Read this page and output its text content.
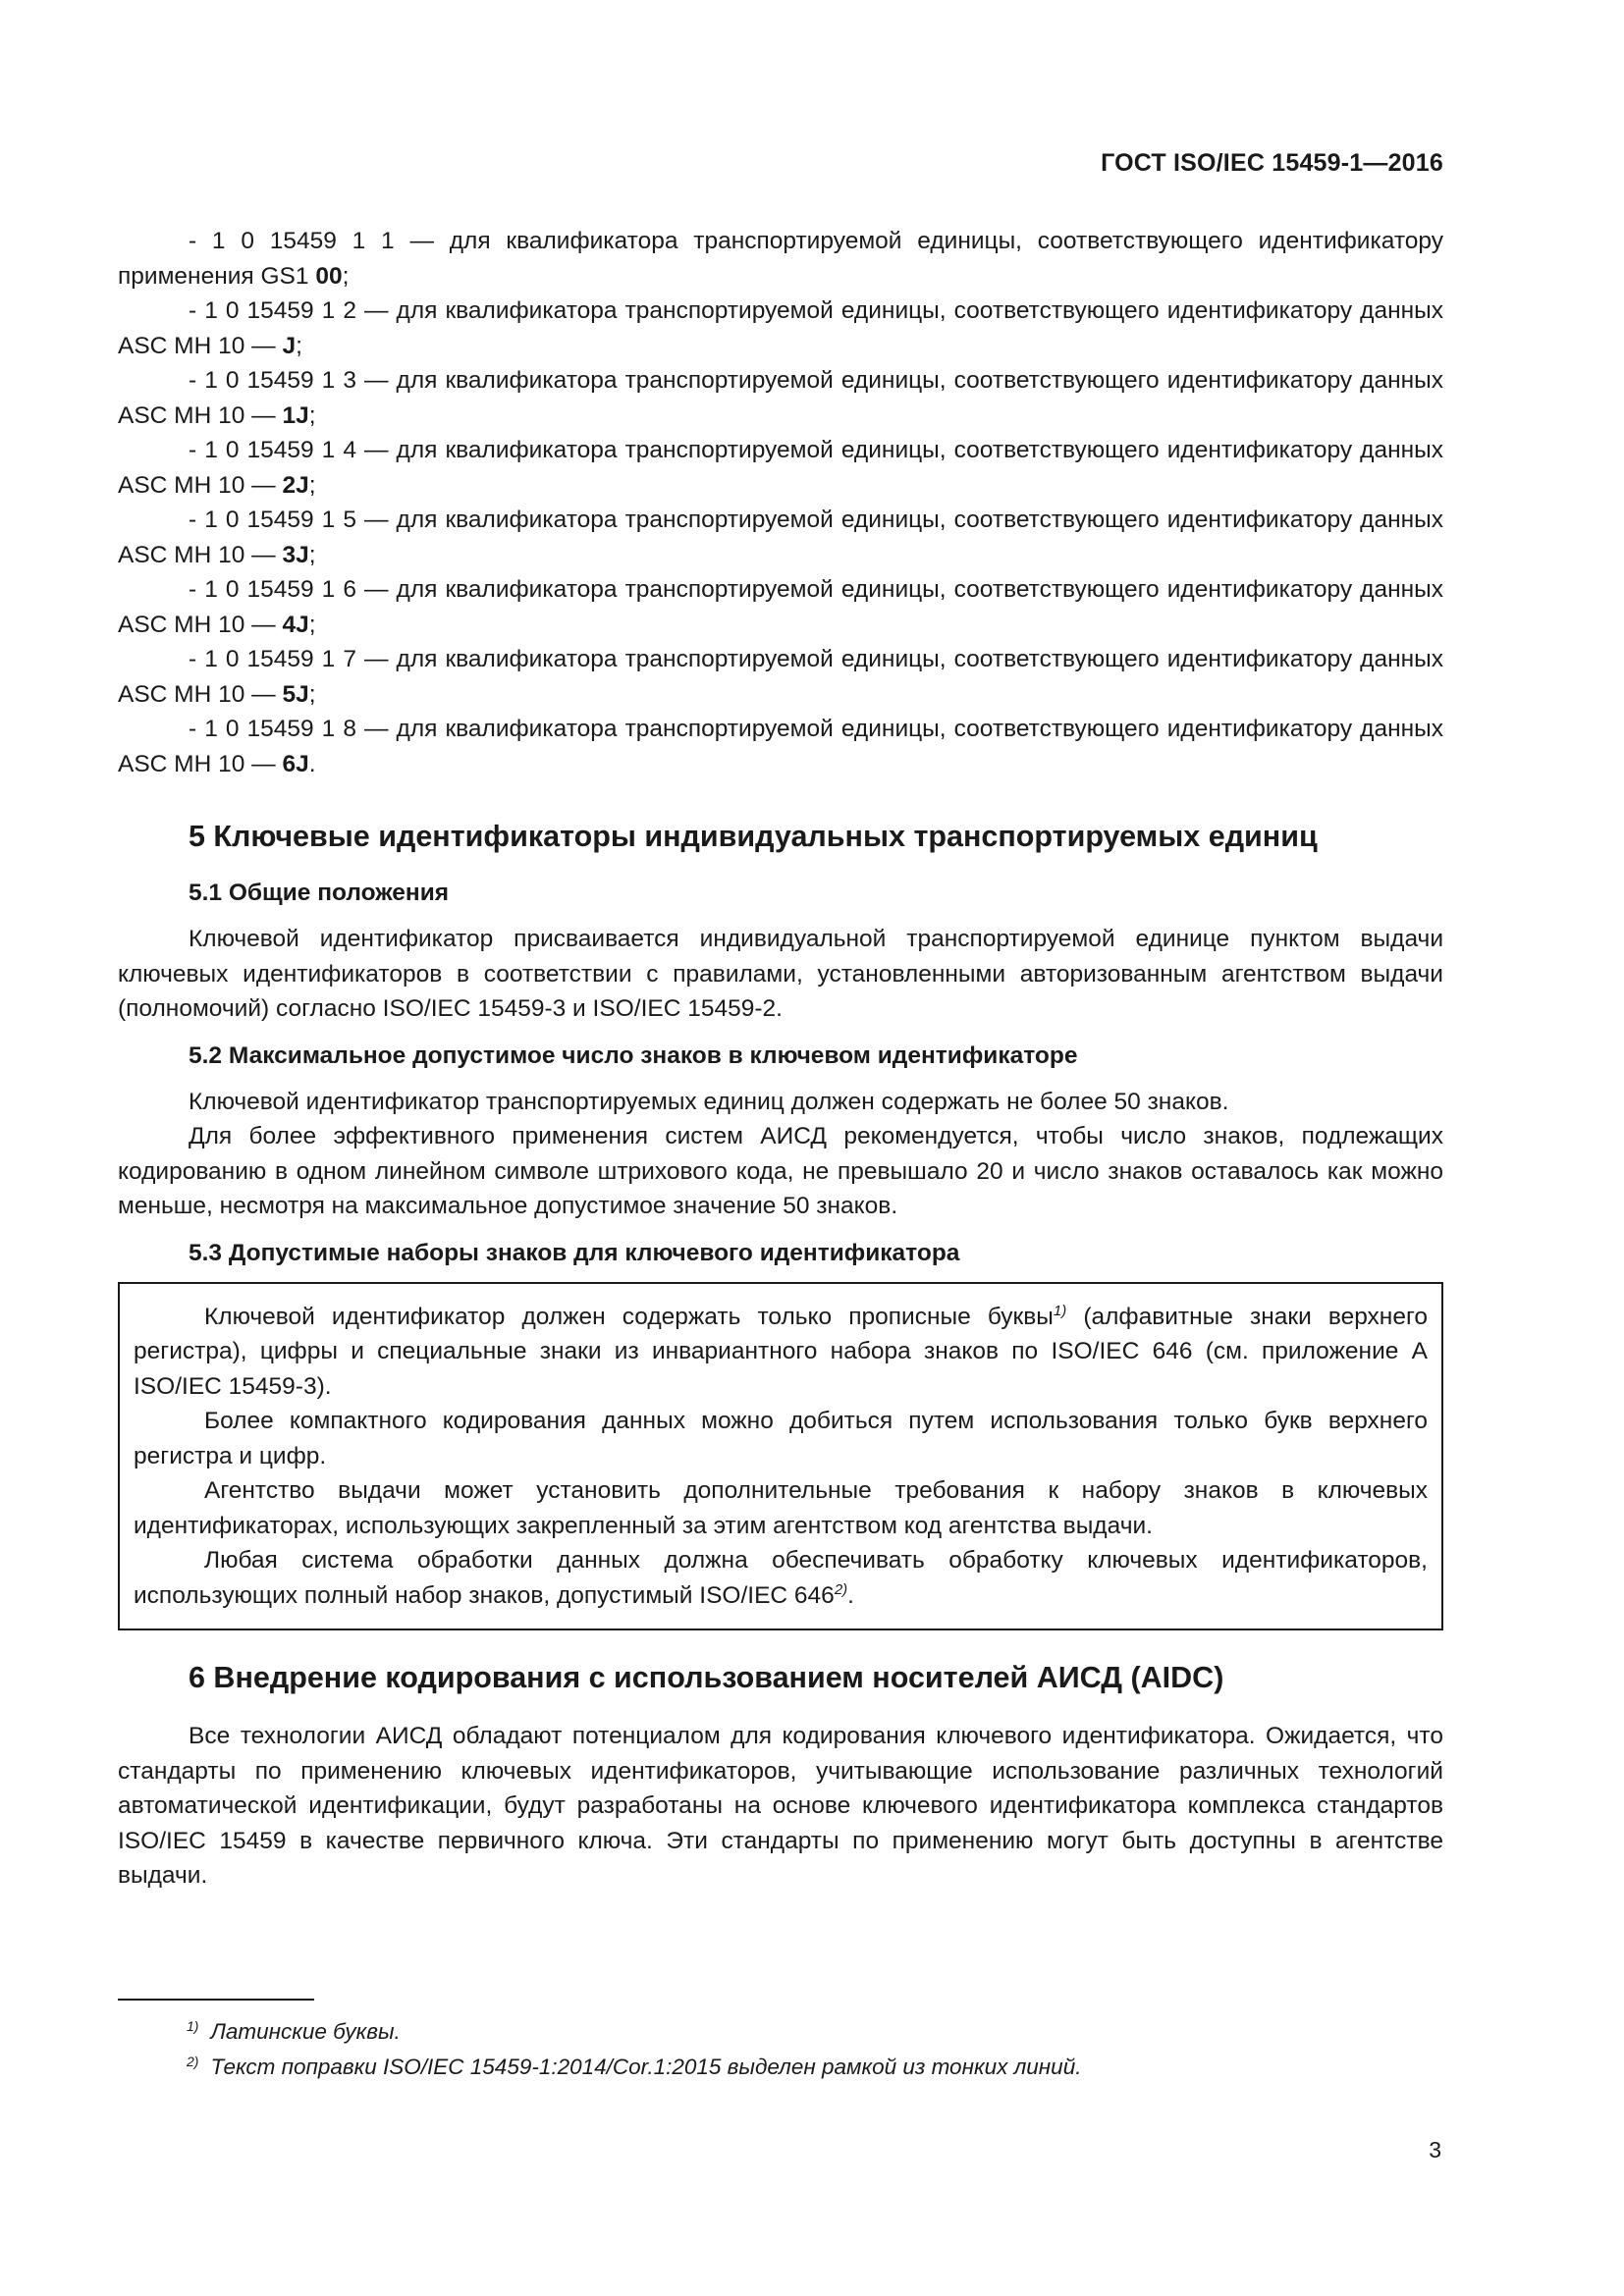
ГОСТ ISO/IEC 15459-1—2016

- 1 0 15459 1 1 — для квалификатора транспортируемой единицы, соответствующего идентификатору применения GS1 00;

- 1 0 15459 1 2 — для квалификатора транспортируемой единицы, соответствующего идентификатору данных ASC MH 10 — J;

- 1 0 15459 1 3 — для квалификатора транспортируемой единицы, соответствующего идентификатору данных ASC MH 10 — 1J;

- 1 0 15459 1 4 — для квалификатора транспортируемой единицы, соответствующего идентификатору данных ASC MH 10 — 2J;

- 1 0 15459 1 5 — для квалификатора транспортируемой единицы, соответствующего идентификатору данных ASC MH 10 — 3J;

- 1 0 15459 1 6 — для квалификатора транспортируемой единицы, соответствующего идентификатору данных ASC MH 10 — 4J;

- 1 0 15459 1 7 — для квалификатора транспортируемой единицы, соответствующего идентификатору данных ASC MH 10 — 5J;

- 1 0 15459 1 8 — для квалификатора транспортируемой единицы, соответствующего идентификатору данных ASC MH 10 — 6J.

5 Ключевые идентификаторы индивидуальных транспортируемых единиц
5.1 Общие положения

Ключевой идентификатор присваивается индивидуальной транспортируемой единице пунктом выдачи ключевых идентификаторов в соответствии с правилами, установленными авторизованным агентством выдачи (полномочий) согласно ISO/IEC 15459-3 и ISO/IEC 15459-2.

5.2 Максимальное допустимое число знаков в ключевом идентификаторе

Ключевой идентификатор транспортируемых единиц должен содержать не более 50 знаков.

Для более эффективного применения систем АИСД рекомендуется, чтобы число знаков, подлежащих кодированию в одном линейном символе штрихового кода, не превышало 20 и число знаков оставалось как можно меньше, несмотря на максимальное допустимое значение 50 знаков.

5.3 Допустимые наборы знаков для ключевого идентификатора

Ключевой идентификатор должен содержать только прописные буквы$^{1)}$ (алфавитные знаки верхнего регистра), цифры и специальные знаки из инвариантного набора знаков по ISO/IEC 646 (см. приложение А ISO/IEC 15459-3).

Более компактного кодирования данных можно добиться путем использования только букв верхнего регистра и цифр.

Агентство выдачи может установить дополнительные требования к набору знаков в ключевых идентификаторах, использующих закрепленный за этим агентством код агентства выдачи.

Любая система обработки данных должна обеспечивать обработку ключевых идентификаторов, использующих полный набор знаков, допустимый ISO/IEC 646$^{2)}$.

6 Внедрение кодирования с использованием носителей АИСД (AIDC)

Все технологии АИСД обладают потенциалом для кодирования ключевого идентификатора. Ожидается, что стандарты по применению ключевых идентификаторов, учитывающие использование различных технологий автоматической идентификации, будут разработаны на основе ключевого идентификатора комплекса стандартов ISO/IEC 15459 в качестве первичного ключа. Эти стандарты по применению могут быть доступны в агентстве выдачи.

$^{1)}$ Латинские буквы.

$^{2)}$ Текст поправки ISO/IEC 15459-1:2014/Cor.1:2015 выделен рамкой из тонких линий.

3
